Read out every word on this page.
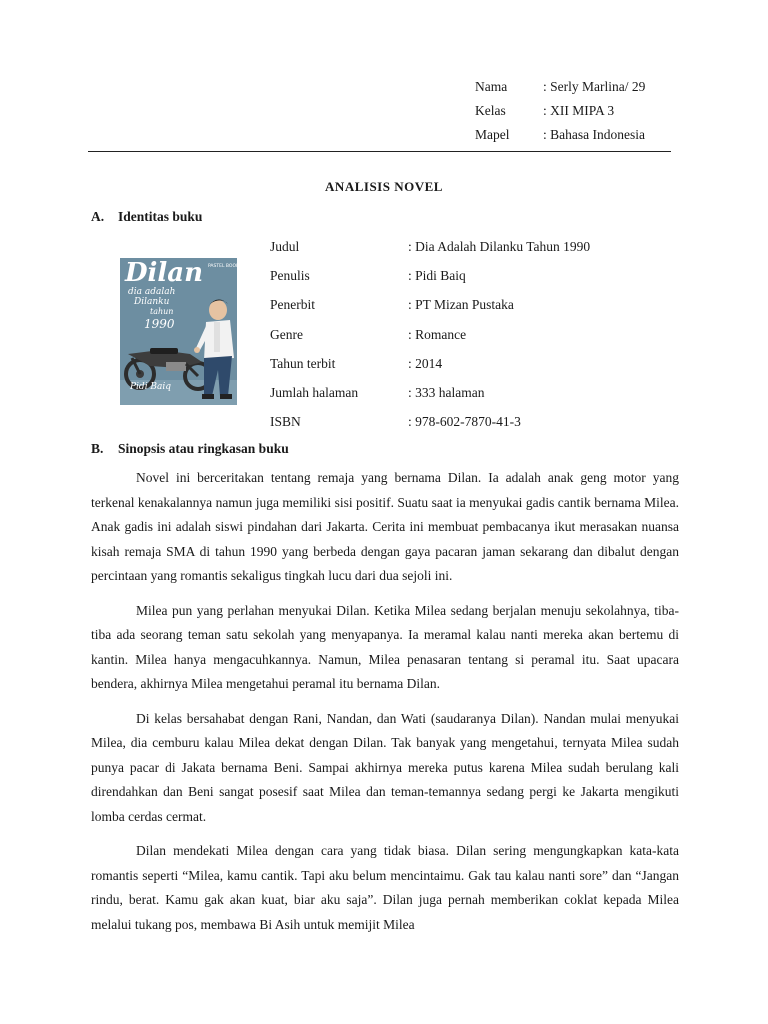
Nama	: Serly Marlina/ 29
Kelas	: XII MIPA 3
Mapel : Bahasa Indonesia
ANALISIS NOVEL
A. Identitas buku
Dilan PASTEL BOOKS
dia adalah
Dilanku
tahun
1990
Pidi Baiq
Judul	: Dia Adalah Dilanku Tahun 1990
Penulis	: Pidi Baiq
Penerbit	: PT Mizan Pustaka
Genre	: Romance
Tahun terbit	: 2014
Jumlah halaman	: 333 halaman
ISBN	: 978-602-7870-41-3
B. Sinopsis atau ringkasan buku

Novel ini berceritakan tentang remaja yang bernama Dilan. Ia adalah anak geng motor yang terkenal kenakalannya namun juga memiliki sisi positif. Suatu saat ia menyukai gadis cantik bernama Milea. Anak gadis ini adalah siswi pindahan dari Jakarta. Cerita ini membuat pembacanya ikut merasakan nuansa kisah remaja SMA di tahun 1990 yang berbeda dengan gaya pacaran jaman sekarang dan dibalut dengan percintaan yang romantis sekaligus tingkah lucu dari dua sejoli ini.

Milea pun yang perlahan menyukai Dilan. Ketika Milea sedang berjalan menuju sekolahnya, tiba-tiba ada seorang teman satu sekolah yang menyapanya. Ia meramal kalau nanti mereka akan bertemu di kantin. Milea hanya mengacuhkannya. Namun, Milea penasaran tentang si peramal itu. Saat upacara bendera, akhirnya Milea mengetahui peramal itu bernama Dilan.

Di kelas bersahabat dengan Rani, Nandan, dan Wati (saudaranya Dilan). Nandan mulai menyukai Milea, dia cemburu kalau Milea dekat dengan Dilan. Tak banyak yang mengetahui, ternyata Milea sudah punya pacar di Jakata bernama Beni. Sampai akhirnya mereka putus karena Milea sudah berulang kali direndahkan dan Beni sangat posesif saat Milea dan teman-temannya sedang pergi ke Jakarta mengikuti lomba cerdas cermat.

Dilan mendekati Milea dengan cara yang tidak biasa. Dilan sering mengungkapkan kata-kata romantis seperti “Milea, kamu cantik. Tapi aku belum mencintaimu. Gak tau kalau nanti sore” dan “Jangan rindu, berat. Kamu gak akan kuat, biar aku saja”. Dilan juga pernah memberikan coklat kepada Milea melalui tukang pos, membawa Bi Asih untuk memijit Milea
